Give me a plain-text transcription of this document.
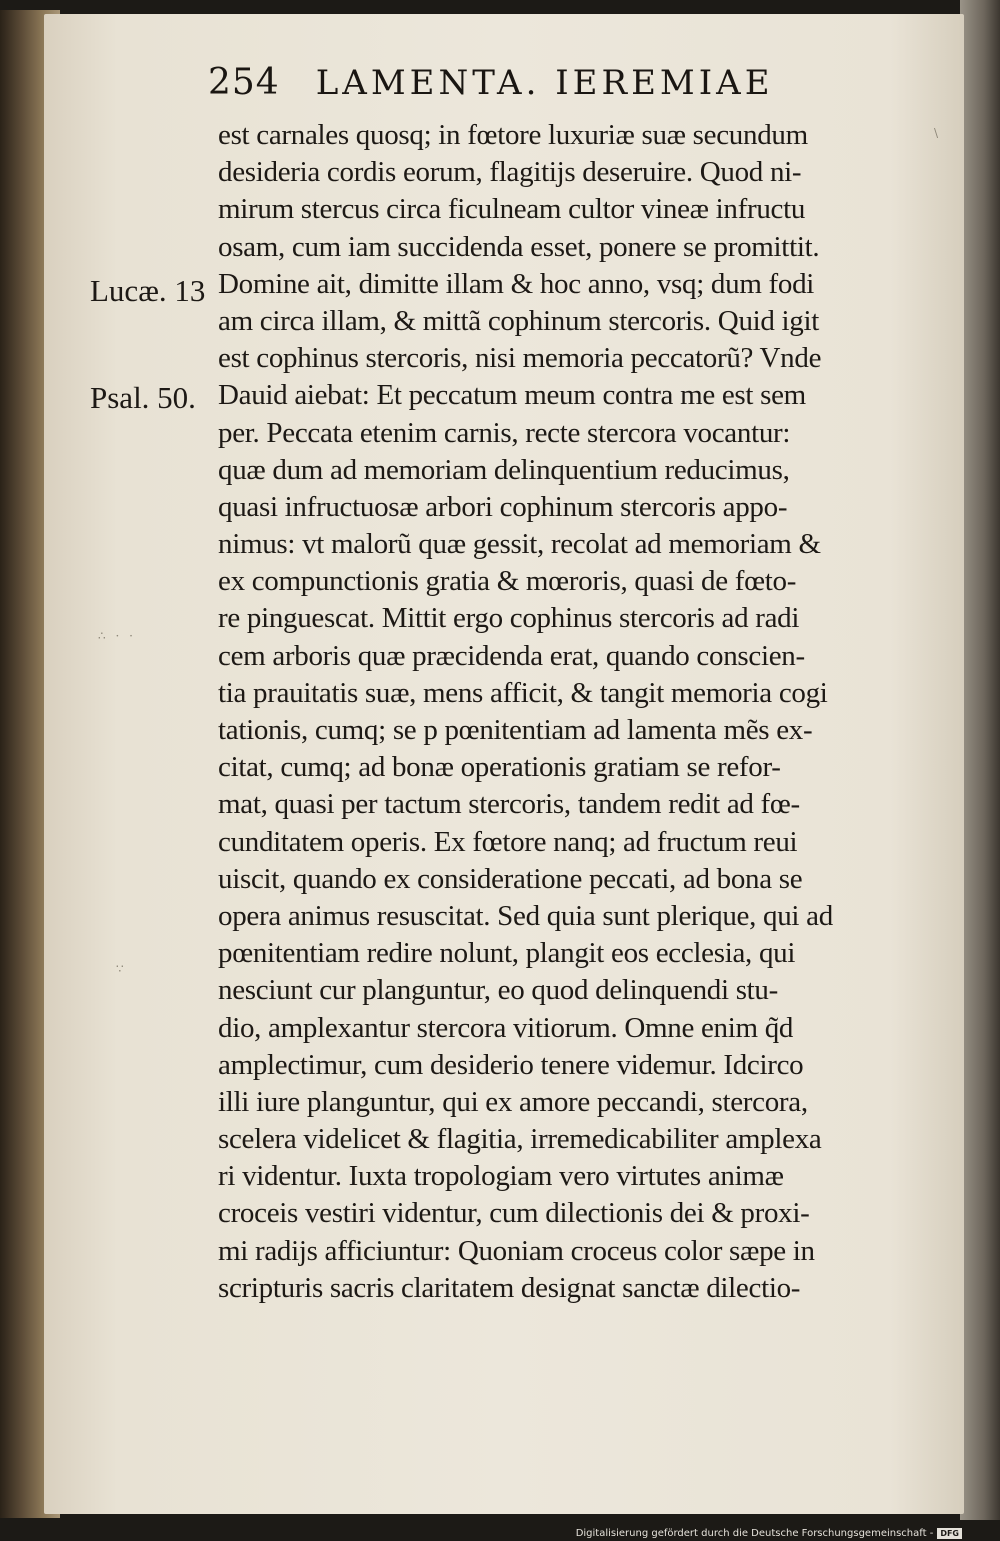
∴ · ·
∵
\
254 LAMENTA. IEREMIAE
Lucæ. 13
Psal. 50.
est carnales quosq; in fœtore luxuriæ suæ secundum
desideria cordis eorum, flagitijs deseruire. Quod ni-
mirum stercus circa ficulneam cultor vineæ infructu
osam, cum iam succidenda esset, ponere se promittit.
Domine ait, dimitte illam & hoc anno, vsq; dum fodi
am circa illam, & mittã cophinum stercoris. Quid igit
est cophinus stercoris, nisi memoria peccatorũ? Vnde
Dauid aiebat: Et peccatum meum contra me est sem
per. Peccata etenim carnis, recte stercora vocantur:
quæ dum ad memoriam delinquentium reducimus,
quasi infructuosæ arbori cophinum stercoris appo-
nimus: vt malorũ quæ gessit, recolat ad memoriam &
ex compunctionis gratia & mœroris, quasi de fœto-
re pinguescat. Mittit ergo cophinus stercoris ad radi
cem arboris quæ præcidenda erat, quando conscien-
tia prauitatis suæ, mens afficit, & tangit memoria cogi
tationis, cumq; se p pœnitentiam ad lamenta mẽs ex-
citat, cumq; ad bonæ operationis gratiam se refor-
mat, quasi per tactum stercoris, tandem redit ad fœ-
cunditatem operis. Ex fœtore nanq; ad fructum reui
uiscit, quando ex consideratione peccati, ad bona se
opera animus resuscitat. Sed quia sunt plerique, qui ad
pœnitentiam redire nolunt, plangit eos ecclesia, qui
nesciunt cur planguntur, eo quod delinquendi stu-
dio, amplexantur stercora vitiorum. Omne enim q̃d
amplectimur, cum desiderio tenere videmur. Idcirco
illi iure planguntur, qui ex amore peccandi, stercora,
scelera videlicet & flagitia, irremedicabiliter amplexa
ri videntur. Iuxta tropologiam vero virtutes animæ
croceis vestiri videntur, cum dilectionis dei & proxi-
mi radijs afficiuntur: Quoniam croceus color sæpe in
scripturis sacris claritatem designat sanctæ dilectio-
Digitalisierung gefördert durch die Deutsche Forschungsgemeinschaft - DFG
